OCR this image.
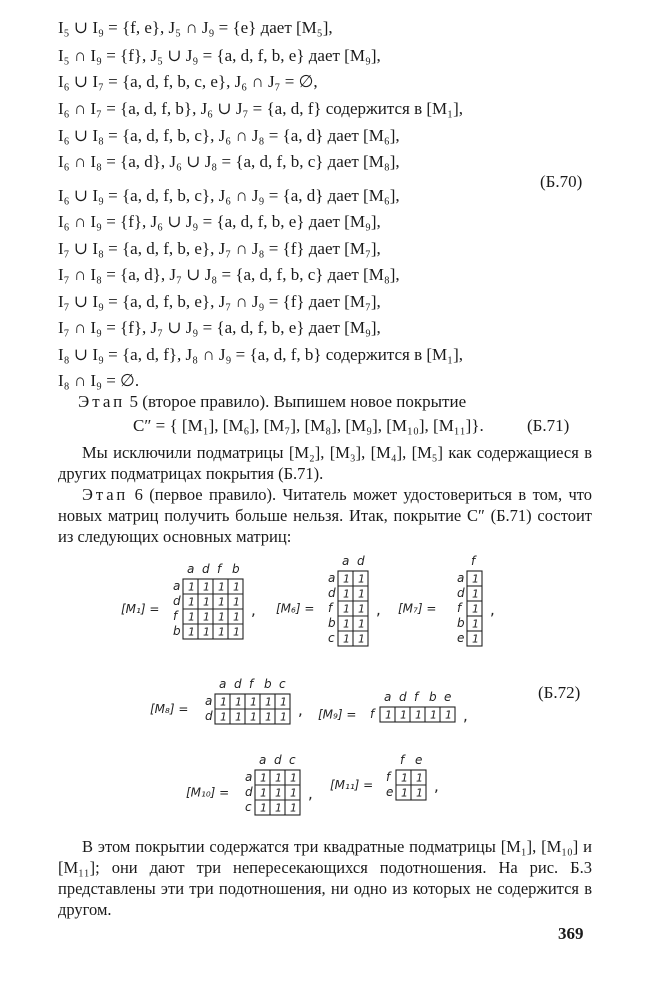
I₅ ∪ I₉ = {f, e}, J₅ ∩ J₉ = {e} дает [M₅],
I₅ ∩ I₉ = {f}, J₅ ∪ J₉ = {a, d, f, b, e} дает [M₉],
I₆ ∪ I₇ = {a, d, f, b, c, e}, J₆ ∩ J₇ = ∅,
I₆ ∩ I₇ = {a, d, f, b}, J₆ ∪ J₇ = {a, d, f} содержится в [M₁],
I₆ ∪ I₈ = {a, d, f, b, c}, J₆ ∩ J₈ = {a, d} дает [M₆],
I₆ ∩ I₈ = {a, d}, J₆ ∪ J₈ = {a, d, f, b, c} дает [M₈],
I₆ ∪ I₉ = {a, d, f, b, c}, J₆ ∩ J₉ = {a, d} дает [M₆],
I₆ ∩ I₉ = {f}, J₆ ∪ J₉ = {a, d, f, b, e} дает [M₉],
I₇ ∪ I₈ = {a, d, f, b, e}, J₇ ∩ J₈ = {f} дает [M₇],
I₇ ∩ I₈ = {a, d}, J₇ ∪ J₈ = {a, d, f, b, c} дает [M₈],
I₇ ∪ I₉ = {a, d, f, b, e}, J₇ ∩ J₉ = {f} дает [M₇],
I₇ ∩ I₉ = {f}, J₇ ∪ J₉ = {a, d, f, b, e} дает [M₉],
I₈ ∪ I₉ = {a, d, f}, J₈ ∩ J₉ = {a, d, f, b} содержится в [M₁],
I₈ ∩ I₉ = ∅.
(Б.70)
Этап 5 (второе правило). Выпишем новое покрытие
C″ = { [M₁], [M₆], [M₇], [M₈], [M₉], [M₁₀], [M₁₁]}.	(Б.71)

Мы исключили подматрицы [M₂], [M₃], [M₄], [M₅] как содержащиеся в других подматрицах покрытия (Б.71).

Этап 6 (первое правило). Читатель может удостовериться в том, что новых матриц получить больше нельзя. Итак, покрытие C″ (Б.71) состоит из следующих основных матриц:

[M₁] =
a d f b
a
d
f
b
1 1 1 1
1 1 1 1
1 1 1 1
1 1 1 1
, [M₆] =
a d
a
d
f
b
c
1 1
1 1
1 1
1 1
1 1
, [M₇] =
f
a
d
f
b
e
1
1
1
1
1
,
[M₈] =
a d f b c
a
d
1 1 1 1 1
1 1 1 1 1 , [M₉] =
a d f b e
f 1 1 1 1 1 ,
[M₁₀] =
a d c
a
d
c
1 1 1
1 1 1
1 1 1
, [M₁₁] =
f e
f
e
1 1
1 1 ,
(Б.72)

В этом покрытии содержатся три квадратные подматрицы [M₁], [M₁₀] и [M₁₁]; они дают три непересекающихся подотношения. На рис. Б.3 представлены эти три подотношения, ни одно из которых не содержится в другом.

369
